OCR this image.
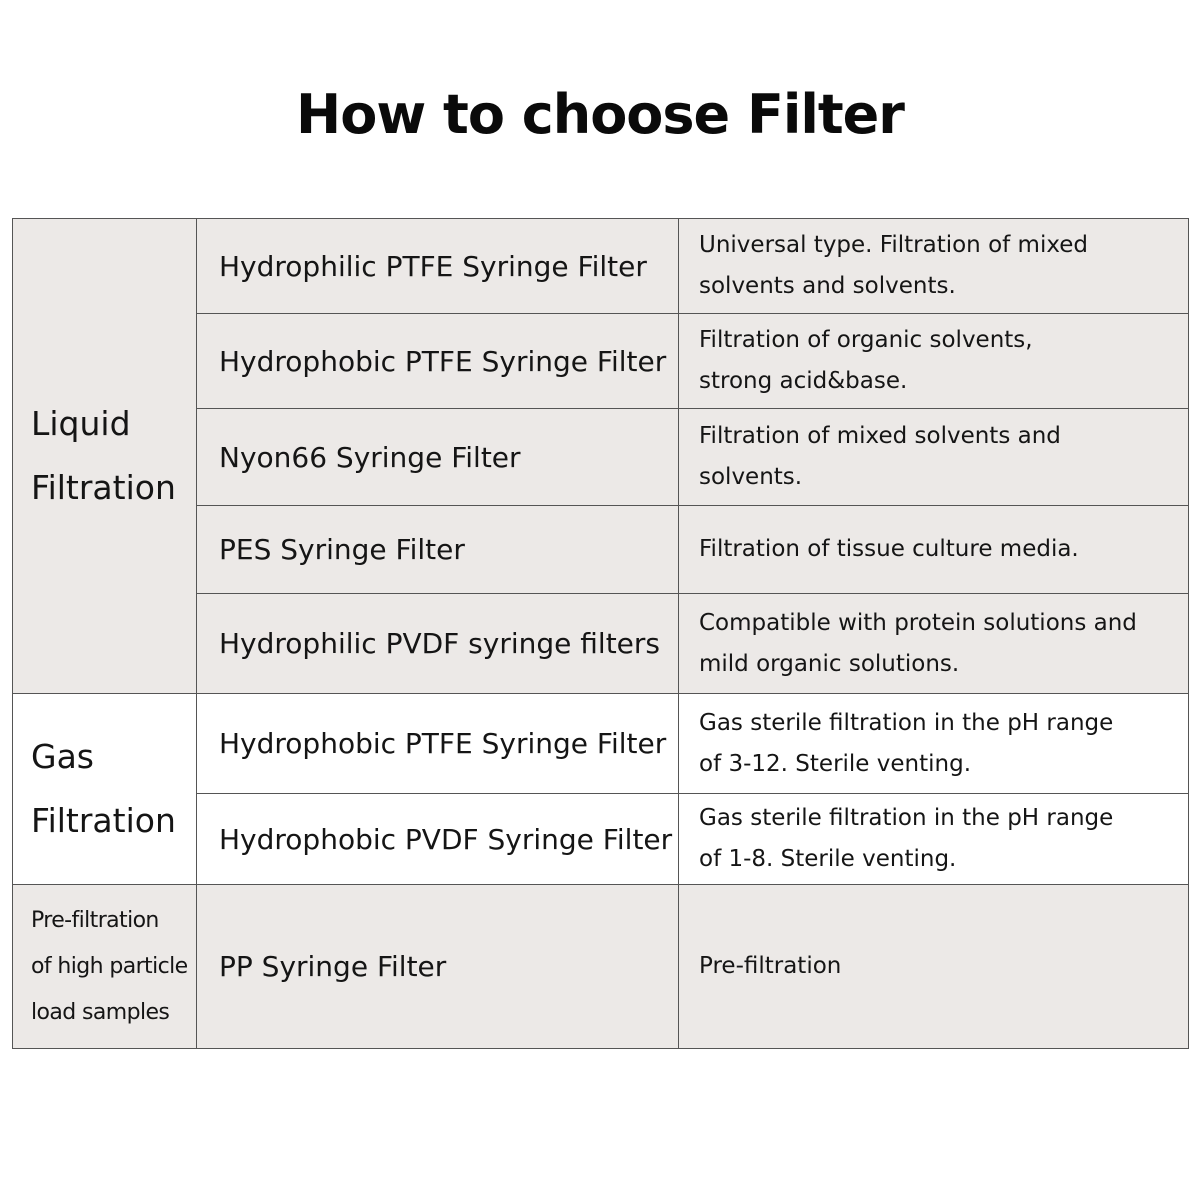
How to choose Filter
Liquid
Filtration	Hydrophilic PTFE Syringe Filter	Universal type. Filtration of mixed
solvents and solvents.

	Hydrophobic PTFE Syringe Filter	Filtration of organic solvents,
strong acid&base.

	Nyon66 Syringe Filter	Filtration of mixed solvents and
solvents.

	PES Syringe Filter	Filtration of tissue culture media.

	Hydrophilic PVDF syringe filters	Compatible with protein solutions and
mild organic solutions.

Gas
Filtration	Hydrophobic PTFE Syringe Filter	Gas sterile filtration in the pH range
of 3-12. Sterile venting.

	Hydrophobic PVDF Syringe Filter	Gas sterile filtration in the pH range
of 1-8. Sterile venting.

Pre-filtration
of high particle
load samples	PP Syringe Filter	Pre-filtration
